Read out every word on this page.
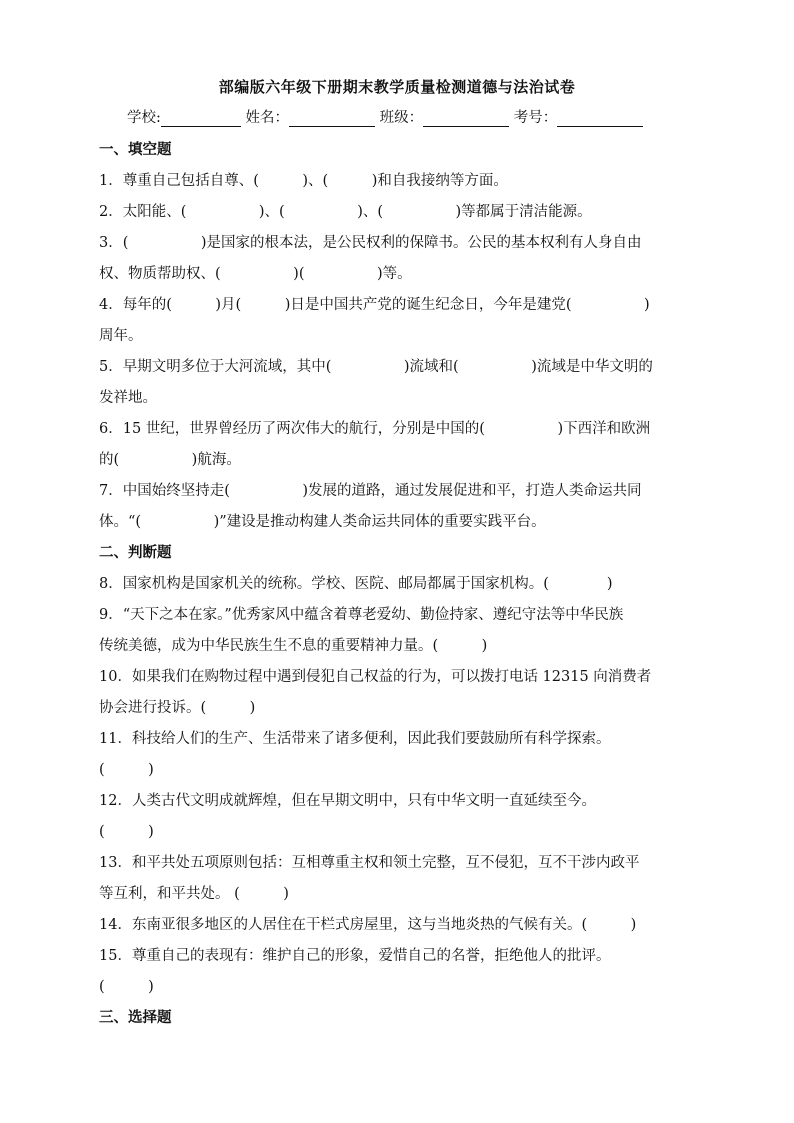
部编版六年级下册期末教学质量检测道德与法治试卷
学校:	姓名：	班级：	考号：
一、填空题
1．尊重自己包括自尊、(　　　)、(　　　)和自我接纳等方面。
2．太阳能、(　　　　　)、(　　　　　)、(　　　　　)等都属于清洁能源。
3．(　　　　　)是国家的根本法，是公民权利的保障书。公民的基本权利有人身自由
权、物质帮助权、(　　　　　)(　　　　　)等。
4．每年的(　　　)月(　　　)日是中国共产党的诞生纪念日，今年是建党(　　　　　)
周年。
5．早期文明多位于大河流域，其中(　　　　　)流域和(　　　　　)流域是中华文明的
发祥地。
6．15 世纪，世界曾经历了两次伟大的航行，分别是中国的(　　　　　)下西洋和欧洲
的(　　　　　)航海。
7．中国始终坚持走(　　　　　)发展的道路，通过发展促进和平，打造人类命运共同
体。“(　　　　　)”建设是推动构建人类命运共同体的重要实践平台。
二、判断题
8．国家机构是国家机关的统称。学校、医院、邮局都属于国家机构。(　　　　)
9．“天下之本在家。”优秀家风中蕴含着尊老爱幼、勤俭持家、遵纪守法等中华民族
传统美德，成为中华民族生生不息的重要精神力量。(　　　)
10．如果我们在购物过程中遇到侵犯自己权益的行为，可以拨打电话 12315 向消费者
协会进行投诉。(　　　)
11．科技给人们的生产、生活带来了诸多便利，因此我们要鼓励所有科学探索。
(　　　)
12．人类古代文明成就辉煌，但在早期文明中，只有中华文明一直延续至今。
(　　　)
13．和平共处五项原则包括：互相尊重主权和领土完整，互不侵犯，互不干涉内政平
等互利，和平共处。 (　　　)
14．东南亚很多地区的人居住在干栏式房屋里，这与当地炎热的气候有关。(　　　)
15．尊重自己的表现有：维护自己的形象，爱惜自己的名誉，拒绝他人的批评。
(　　　)
三、选择题
